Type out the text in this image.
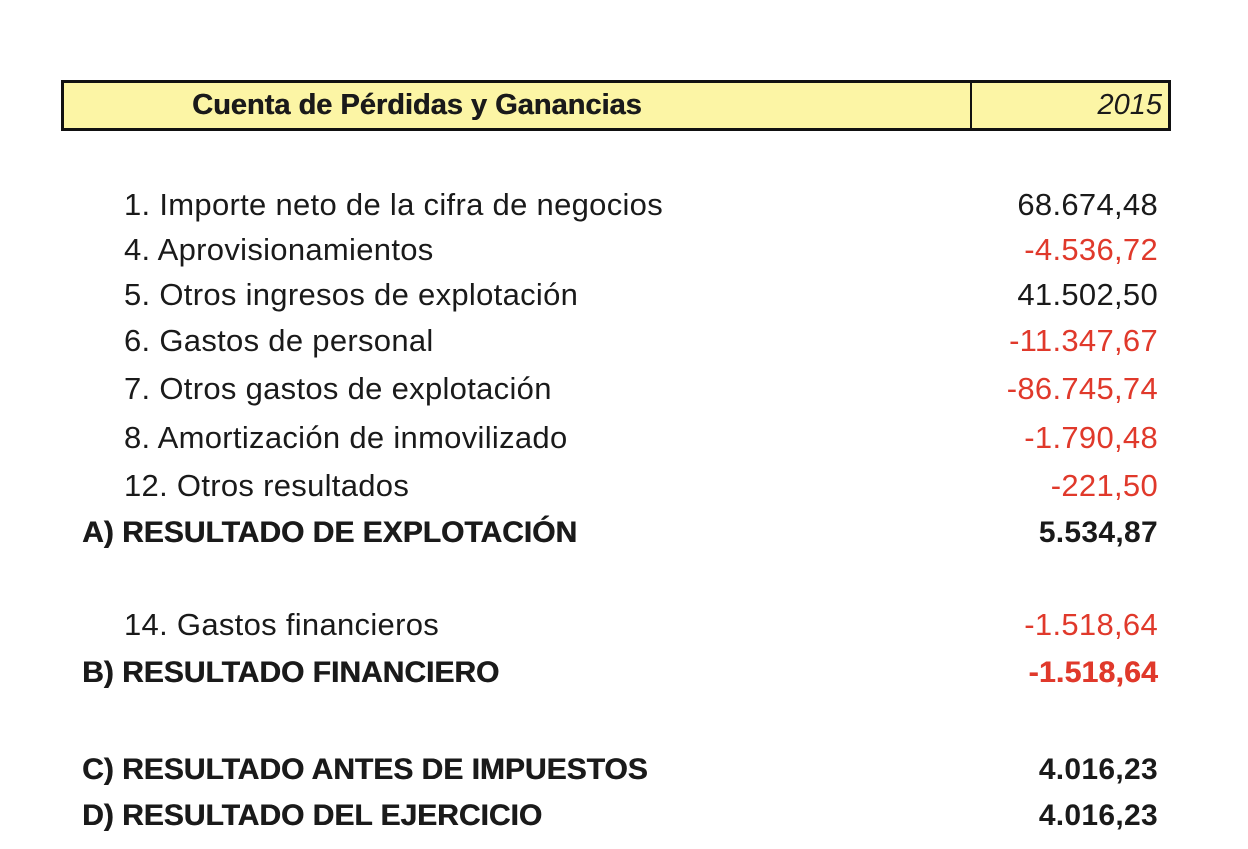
Cuenta de Pérdidas y Ganancias	2015
1. Importe neto de la cifra de negocios	68.674,48
4. Aprovisionamientos	-4.536,72
5. Otros ingresos de explotación	41.502,50
6. Gastos de personal	-11.347,67
7. Otros gastos de explotación	-86.745,74
8. Amortización de inmovilizado	-1.790,48
12. Otros resultados	-221,50
A) RESULTADO DE EXPLOTACIÓN	5.534,87
14. Gastos financieros	-1.518,64
B) RESULTADO FINANCIERO	-1.518,64
C) RESULTADO ANTES DE IMPUESTOS	4.016,23
D) RESULTADO DEL EJERCICIO	4.016,23
